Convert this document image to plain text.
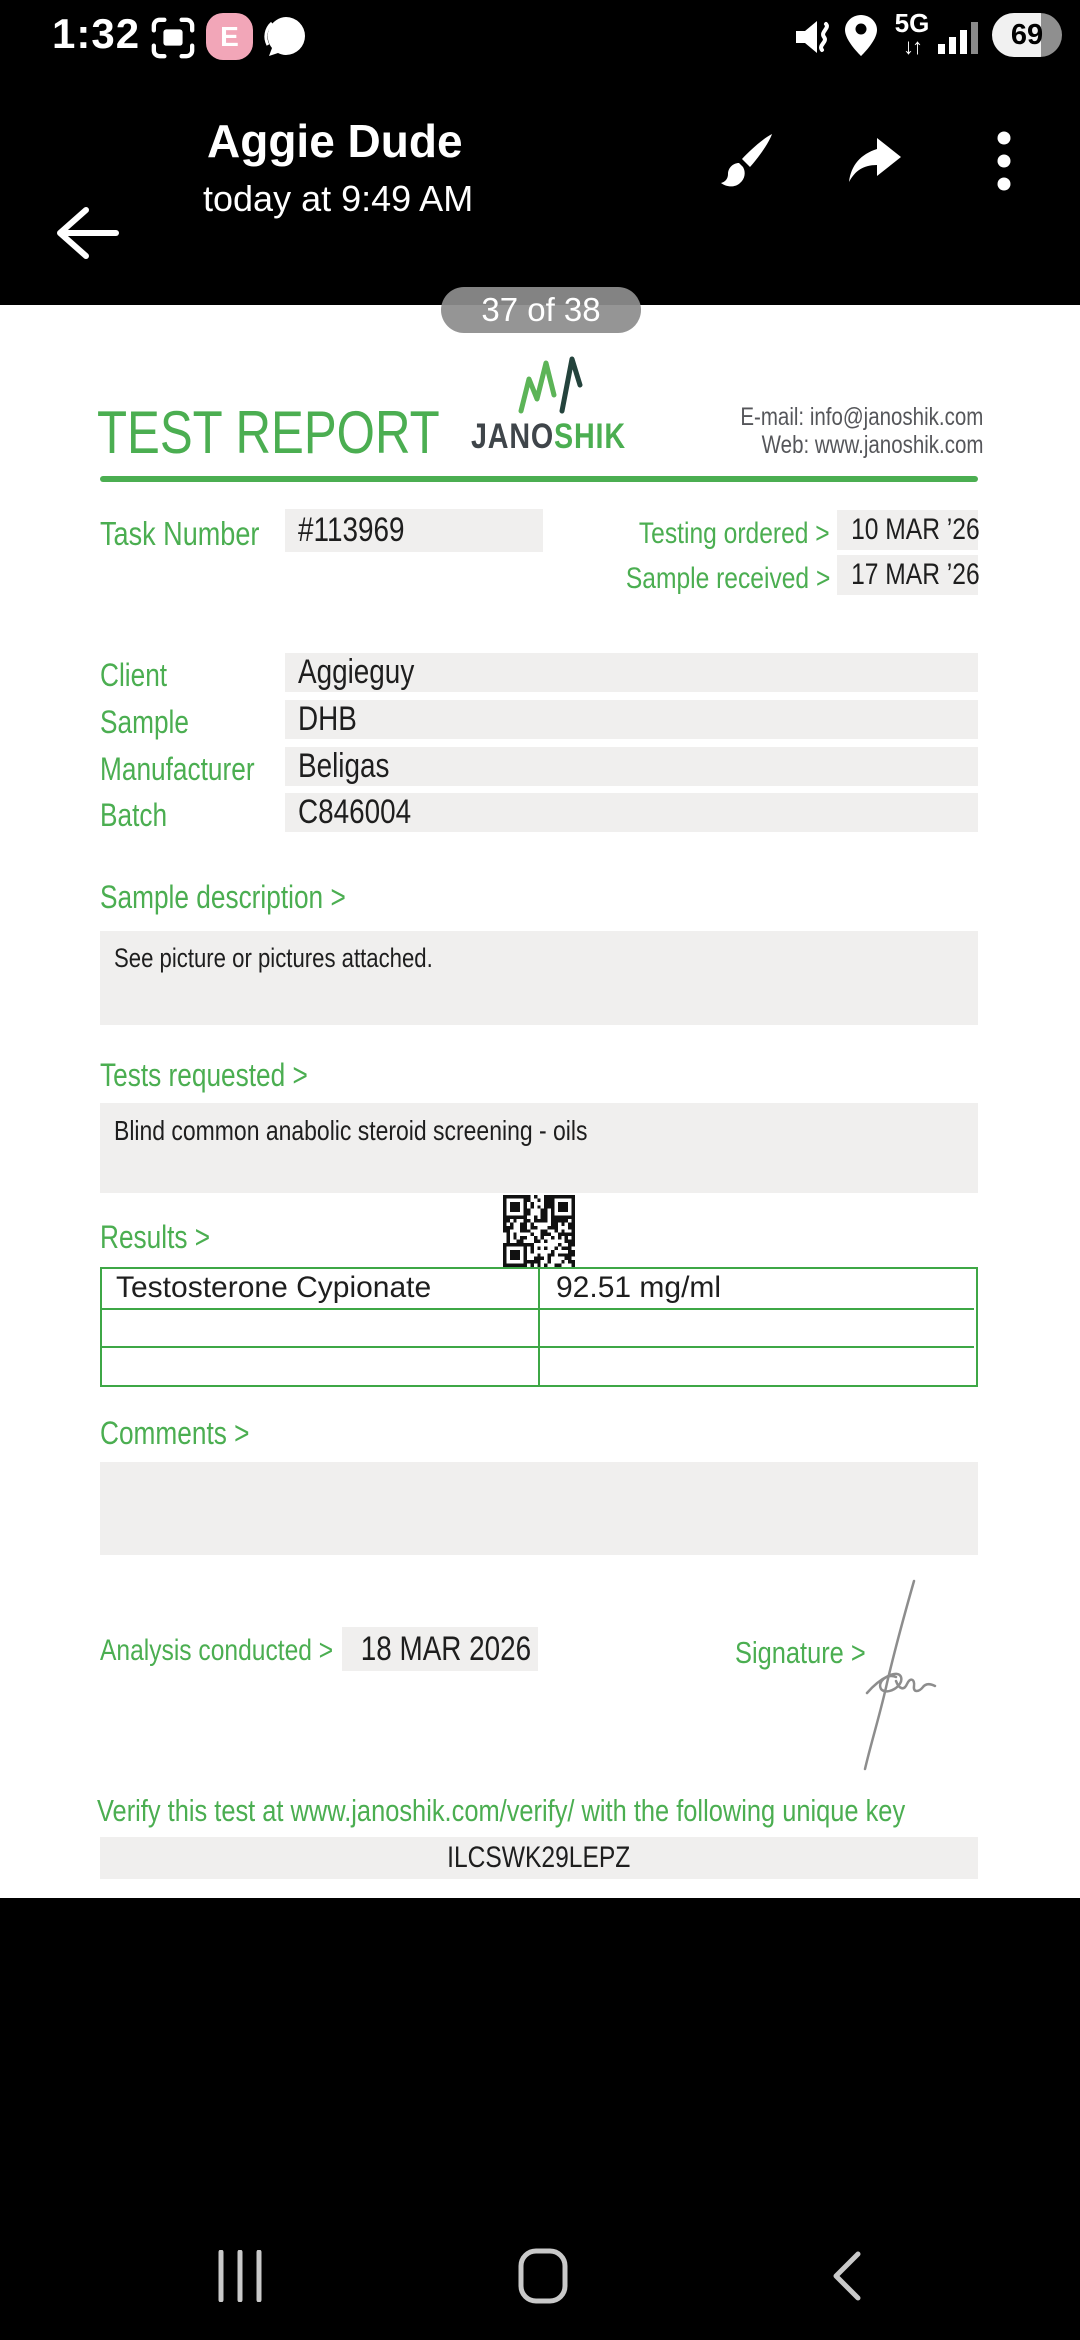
1:32	E	5G
↓↑	69
Aggie Dude
today at 9:49 AM
37 of 38
TEST REPORT JANOSHIK	E-mail: info@janoshik.com
Web: www.janoshik.com
Task Number	#113969	Testing ordered > 10 MAR ’26
Sample received > 17 MAR ’26
Client	Aggieguy
Sample	DHB
Manufacturer	Beligas
Batch	C846004
Sample description >
See picture or pictures attached.
Tests requested >
Blind common anabolic steroid screening - oils
Results >
Testosterone Cypionate	92.51 mg/ml
Comments >
Analysis conducted > 18 MAR 2026	Signature >
Verify this test at www.janoshik.com/verify/ with the following unique key
ILCSWK29LEPZ
